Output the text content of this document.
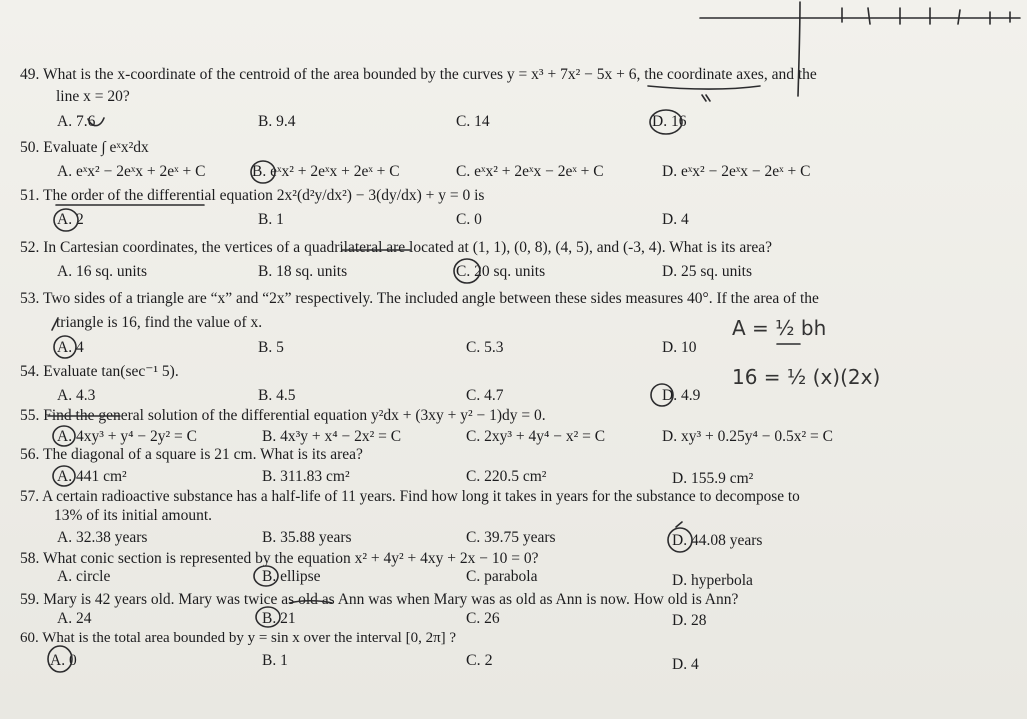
49. What is the x-coordinate of the centroid of the area bounded by the curves y = x³ + 7x² − 5x + 6, the coordinate axes, and the
line x = 20?
A. 7.6	B. 9.4	C. 14	D. 16
50. Evaluate ∫ eˣx²dx
A. eˣx² − 2eˣx + 2eˣ + C	B. eˣx² + 2eˣx + 2eˣ + C	C. eˣx² + 2eˣx − 2eˣ + C	D. eˣx² − 2eˣx − 2eˣ + C
51. The order of the differential equation 2x²(d²y/dx²) − 3(dy/dx) + y = 0 is
A. 2	B. 1	C. 0	D. 4
52. In Cartesian coordinates, the vertices of a quadrilateral are located at (1, 1), (0, 8), (4, 5), and (-3, 4). What is its area?
A. 16 sq. units	B. 18 sq. units	C. 20 sq. units	D. 25 sq. units
53. Two sides of a triangle are “x” and “2x” respectively. The included angle between these sides measures 40°. If the area of the
triangle is 16, find the value of x.
A. 4	B. 5	C. 5.3	D. 10
54. Evaluate tan(sec⁻¹ 5).
A. 4.3	B. 4.5	C. 4.7	D. 4.9
55. Find the general solution of the differential equation y²dx + (3xy + y² − 1)dy = 0.
A. 4xy³ + y⁴ − 2y² = C	B. 4x³y + x⁴ − 2x² = C	C. 2xy³ + 4y⁴ − x² = C	D. xy³ + 0.25y⁴ − 0.5x² = C
56. The diagonal of a square is 21 cm. What is its area?
A. 441 cm²	B. 311.83 cm²	C. 220.5 cm²	D. 155.9 cm²
57. A certain radioactive substance has a half-life of 11 years. Find how long it takes in years for the substance to decompose to
13% of its initial amount.
A. 32.38 years	B. 35.88 years	C. 39.75 years	D. 44.08 years
58. What conic section is represented by the equation x² + 4y² + 4xy + 2x − 10 = 0?
A. circle	B. ellipse	C. parabola	D. hyperbola
59. Mary is 42 years old. Mary was twice as old as Ann was when Mary was as old as Ann is now. How old is Ann?
A. 24	B. 21	C. 26	D. 28
60. What is the total area bounded by y = sin x over the interval [0, 2π] ?
A. 0	B. 1	C. 2	D. 4
A = ½ bh
16 = ½ (x)(2x)
